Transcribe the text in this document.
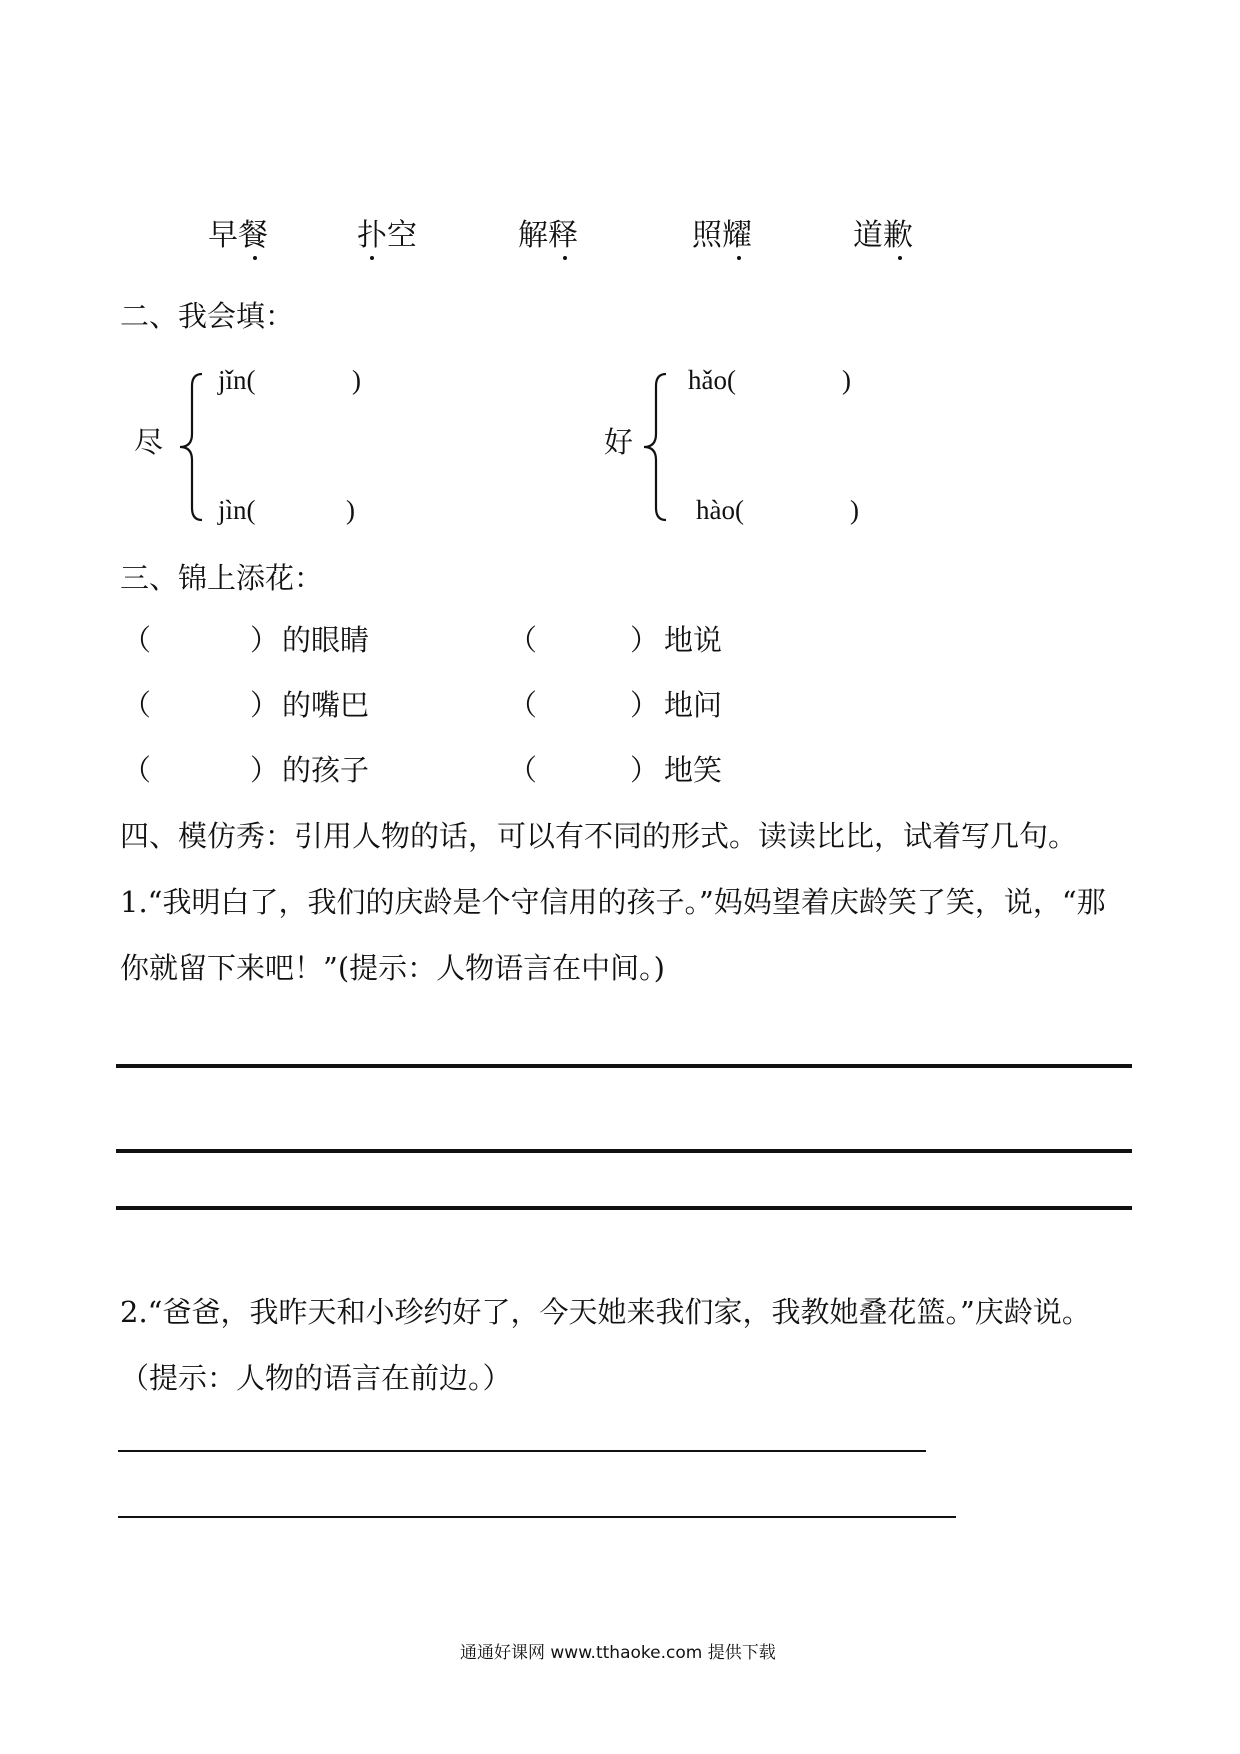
早餐	扑空	解释	照耀	道歉
二、我会填：
尽
jǐn(	)
jìn(	)
好
hǎo(	)
hào(	)
三、锦上添花：
（	） 的眼睛	（	） 地说
（	） 的嘴巴	（	） 地问
（	） 的孩子	（	） 地笑
四、模仿秀：引用人物的话，可以有不同的形式。读读比比，试着写几句。
1.“我明白了，我们的庆龄是个守信用的孩子。”妈妈望着庆龄笑了笑，说，“那
你就留下来吧！”(提示：人物语言在中间。)
2.“爸爸，我昨天和小珍约好了，今天她来我们家，我教她叠花篮。”庆龄说。
（提示：人物的语言在前边。）
通通好课网 www.tthaoke.com 提供下载
